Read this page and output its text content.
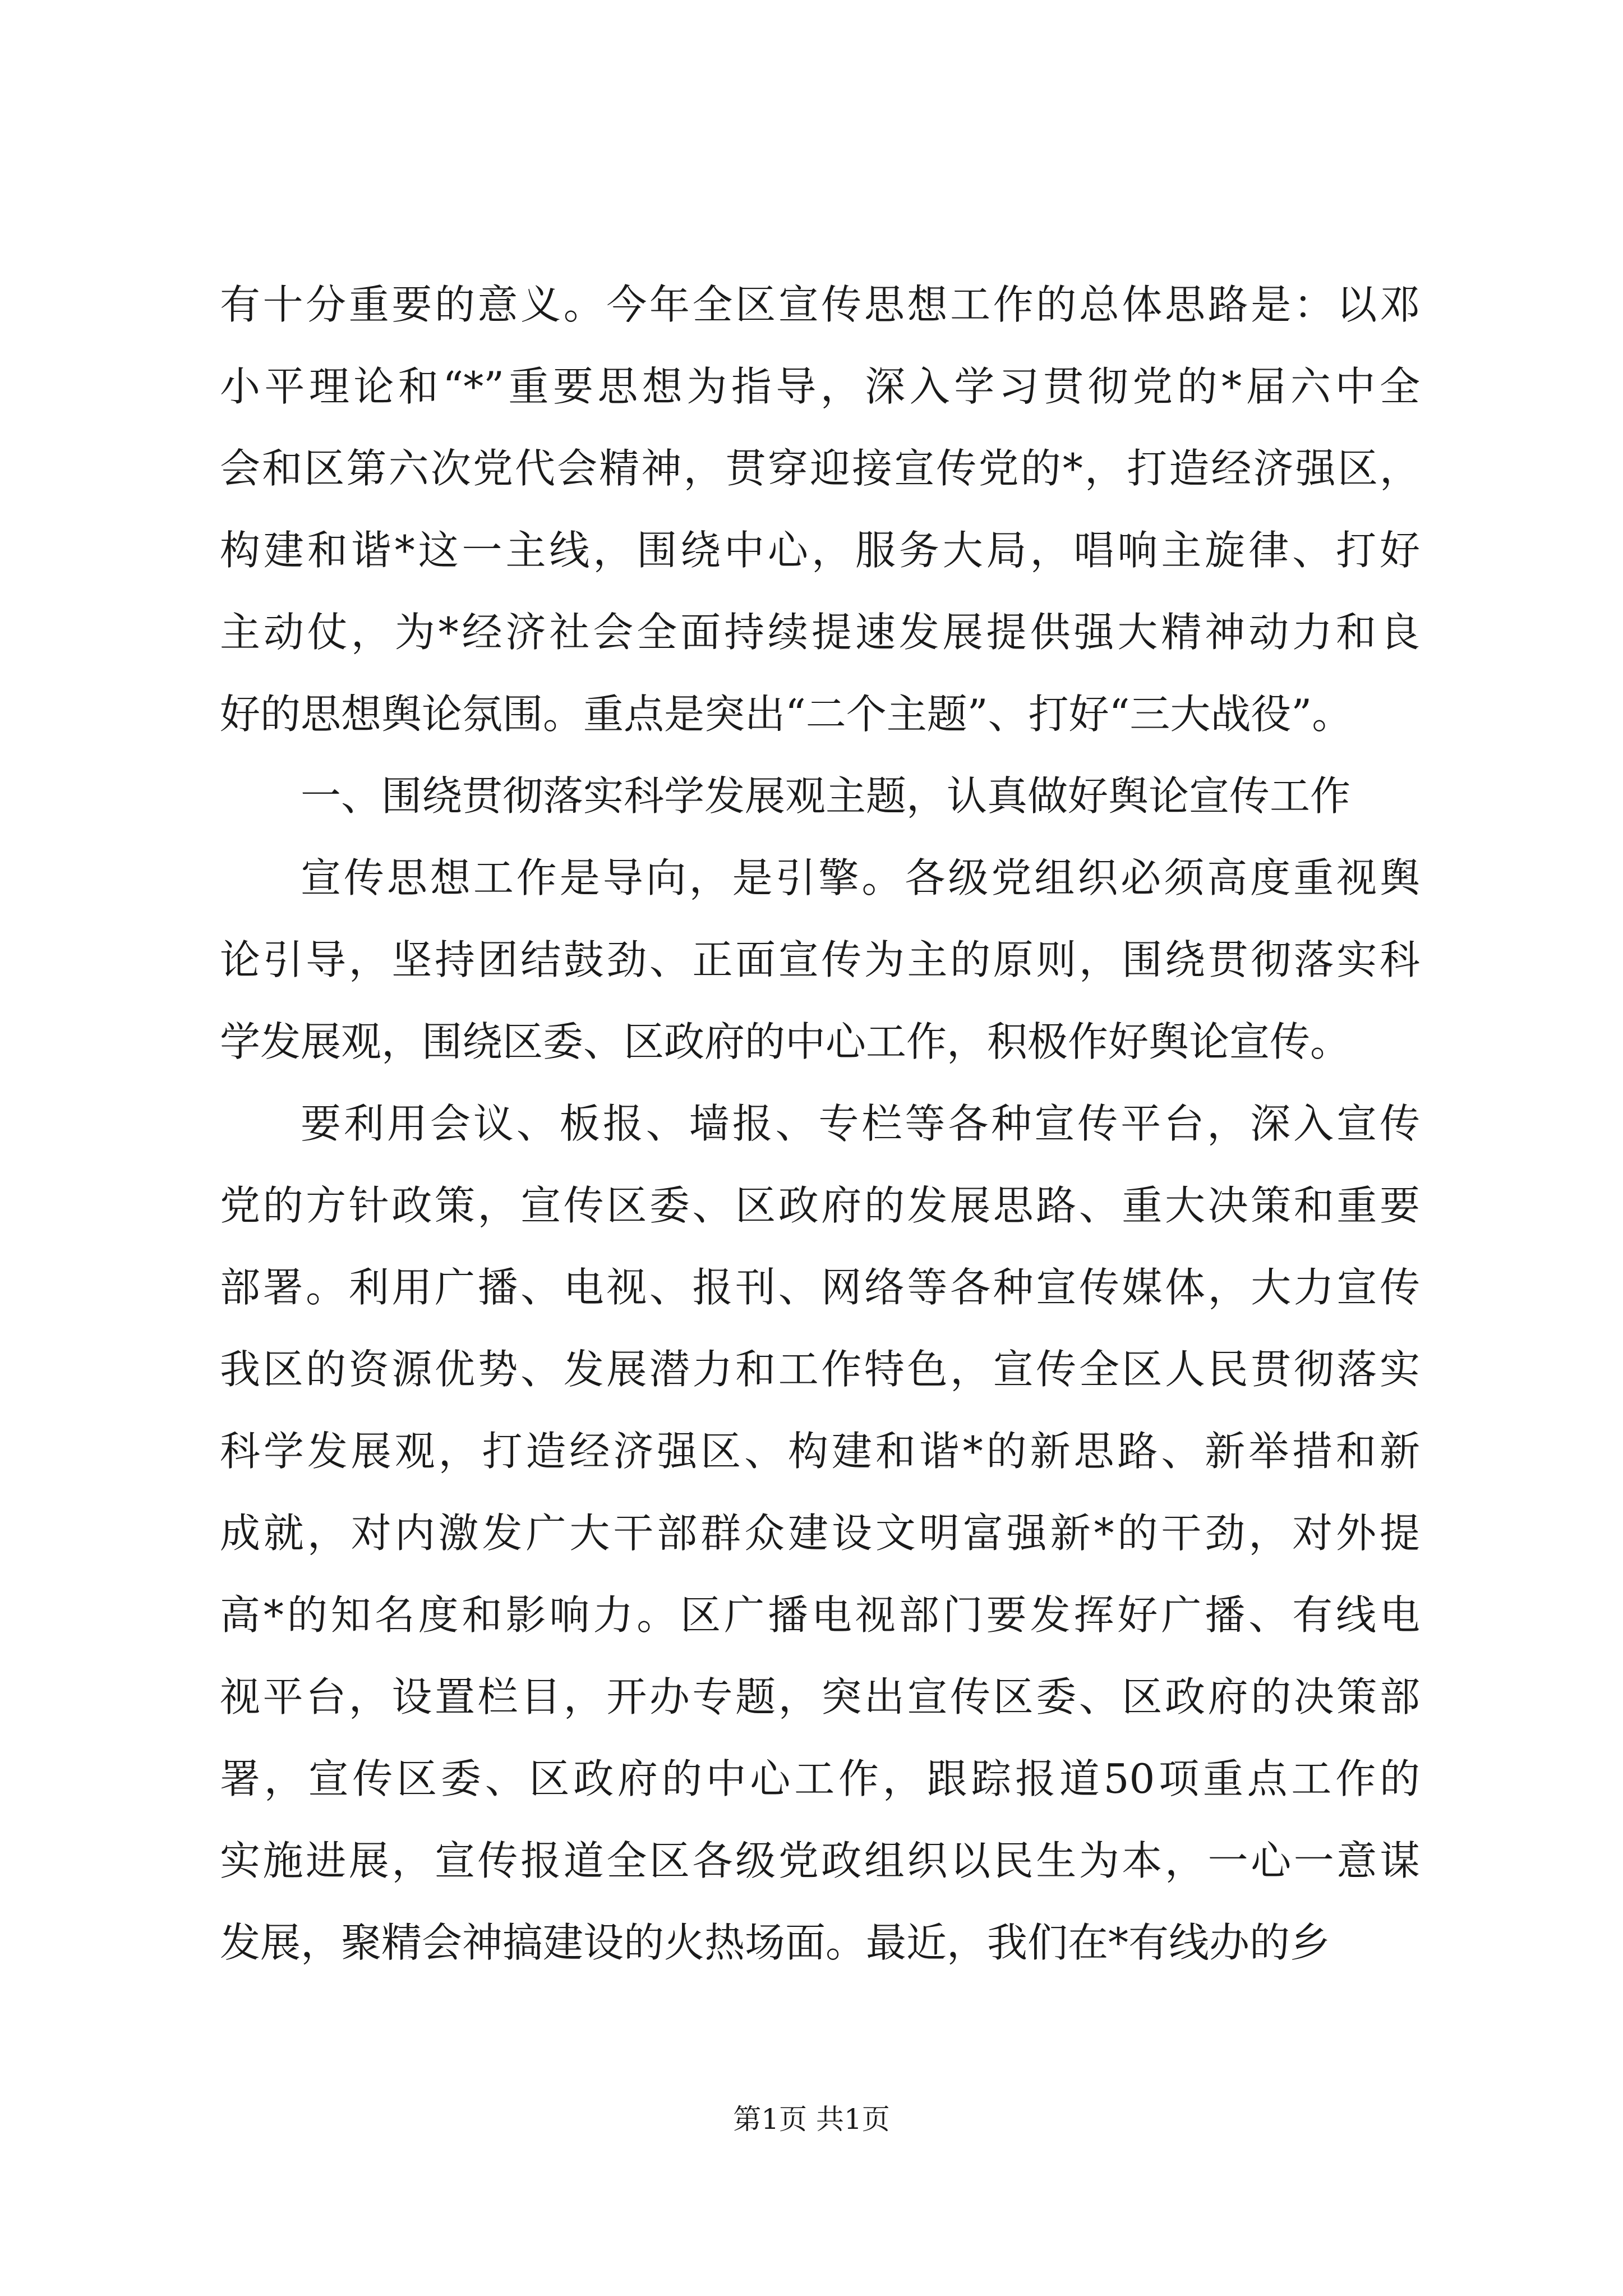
有十分重要的意义。今年全区宣传思想工作的总体思路是：以邓
小平理论和“*”重要思想为指导，深入学习贯彻党的*届六中全
会和区第六次党代会精神，贯穿迎接宣传党的*，打造经济强区，
构建和谐*这一主线，围绕中心，服务大局，唱响主旋律、打好
主动仗，为*经济社会全面持续提速发展提供强大精神动力和良
好的思想舆论氛围。重点是突出“二个主题”、打好“三大战役”。
一、围绕贯彻落实科学发展观主题，认真做好舆论宣传工作
宣传思想工作是导向，是引擎。各级党组织必须高度重视舆
论引导，坚持团结鼓劲、正面宣传为主的原则，围绕贯彻落实科
学发展观，围绕区委、区政府的中心工作，积极作好舆论宣传。
要利用会议、板报、墙报、专栏等各种宣传平台，深入宣传
党的方针政策，宣传区委、区政府的发展思路、重大决策和重要
部署。利用广播、电视、报刊、网络等各种宣传媒体，大力宣传
我区的资源优势、发展潜力和工作特色，宣传全区人民贯彻落实
科学发展观，打造经济强区、构建和谐*的新思路、新举措和新
成就，对内激发广大干部群众建设文明富强新*的干劲，对外提
高*的知名度和影响力。区广播电视部门要发挥好广播、有线电
视平台，设置栏目，开办专题，突出宣传区委、区政府的决策部
署，宣传区委、区政府的中心工作，跟踪报道50项重点工作的
实施进展，宣传报道全区各级党政组织以民生为本，一心一意谋
发展，聚精会神搞建设的火热场面。最近，我们在*有线办的乡
第1页 共1页
